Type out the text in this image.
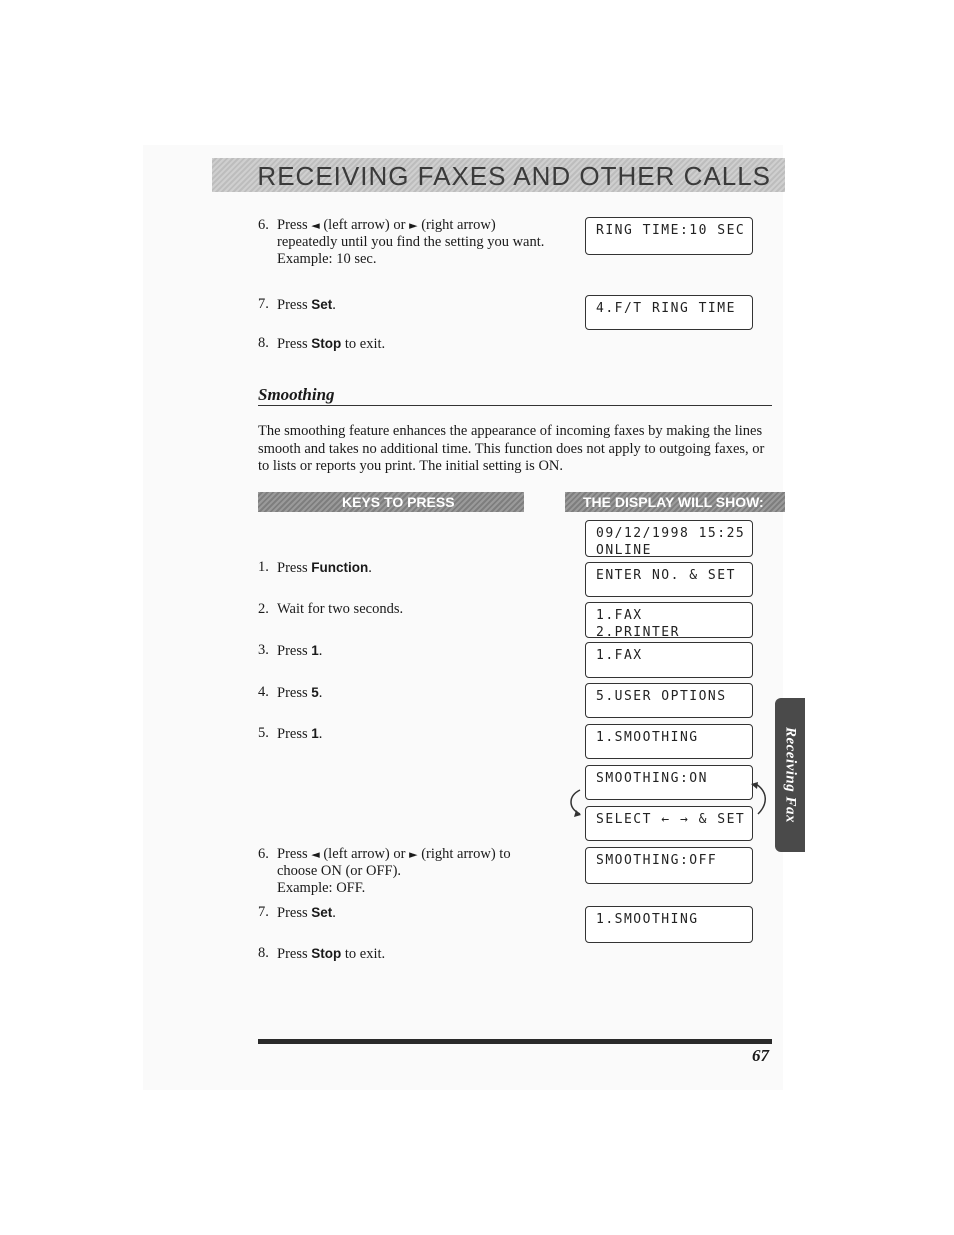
RECEIVING FAXES AND OTHER CALLS
6. Press ◄ (left arrow) or ► (right arrow) repeatedly until you find the setting you want.
Example: 10 sec.
7. Press Set.
8. Press Stop to exit.
RING TIME:10 SEC
4.F/T RING TIME
Smoothing
The smoothing feature enhances the appearance of incoming faxes by making the lines smooth and takes no additional time. This function does not apply to outgoing faxes, or to lists or reports you print. The initial setting is ON.
KEYS TO PRESS	THE DISPLAY WILL SHOW:
1. Press Function.
2. Wait for two seconds.
3. Press 1.
4. Press 5.
5. Press 1.
6. Press ◄ (left arrow) or ► (right arrow) to choose ON (or OFF).
Example: OFF.
7. Press Set.
8. Press Stop to exit.
09/12/1998 15:25
ONLINE
ENTER NO. & SET
1.FAX
2.PRINTER
1.FAX
5.USER OPTIONS
1.SMOOTHING
SMOOTHING:ON
SELECT ← → & SET
SMOOTHING:OFF
1.SMOOTHING
Receiving Fax
67
